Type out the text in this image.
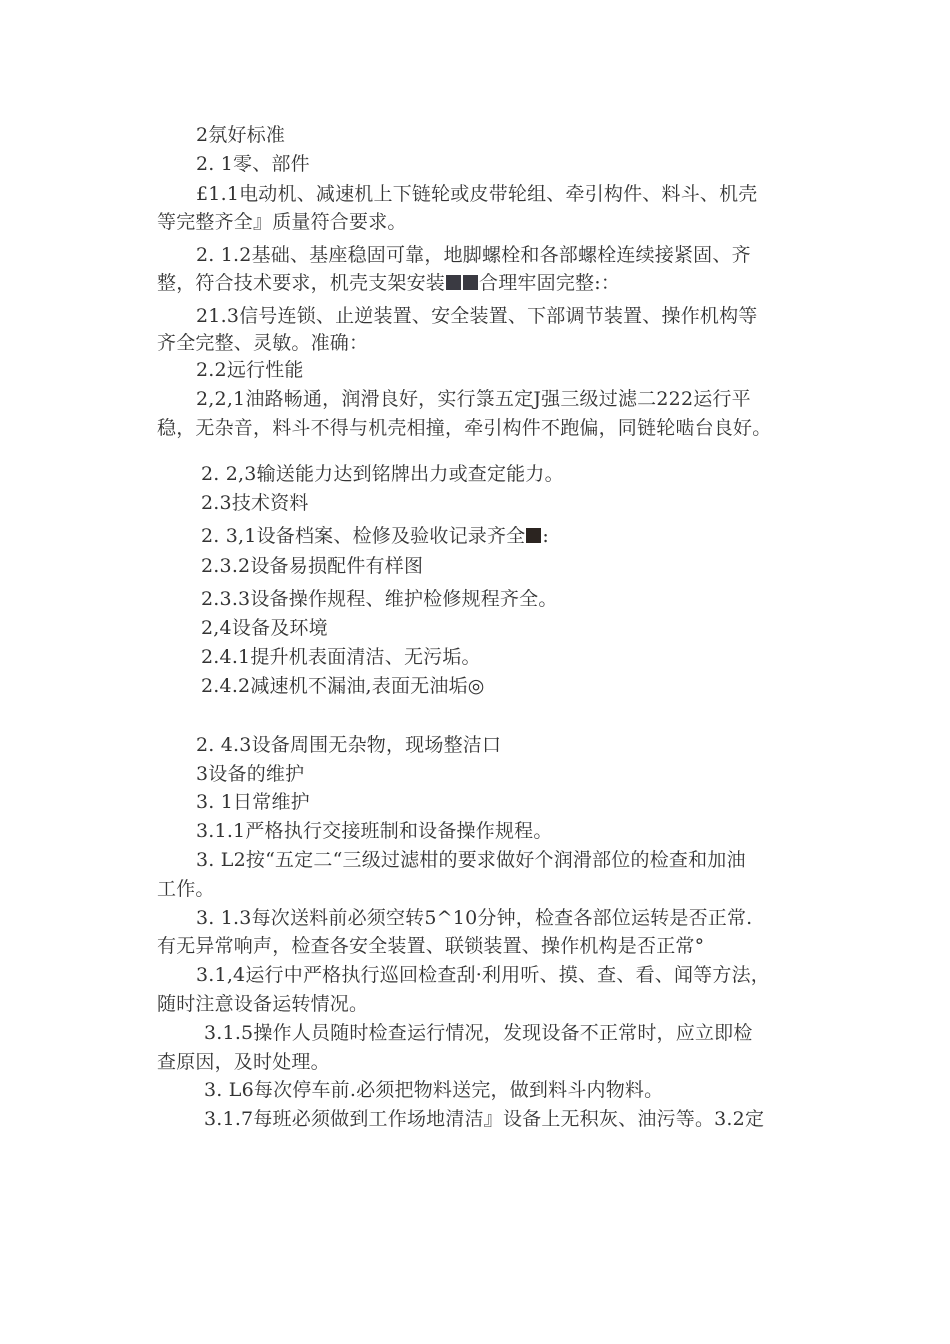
2氛好标准
2. 1零、部件
£1.1电动机、减速机上下链轮或皮带轮组、牵引构件、料斗、机壳
等完整齐全』质量符合要求。
2. 1.2基础、基座稳固可靠，地脚螺栓和各部螺栓连续接紧固、齐
整，符合技术要求，机壳支架安装 合理牢固完整:：
21.3信号连锁、止逆装置、安全装置、下部调节装置、操作机构等
齐全完整、灵敏。准确：
2.2远行性能
2,2,1油路畅通，润滑良好，实行箓五定J强三级过滤二222运行平
稳，无杂音，料斗不得与机壳相撞，牵引构件不跑偏，同链轮啮台良好。
2. 2,3输送能力达到铭牌出力或查定能力。
2.3技术资料
2. 3,1设备档案、检修及验收记录齐全 :
2.3.2设备易损配件有样图
2.3.3设备操作规程、维护检修规程齐全。
2,4设备及环境
2.4.1提升机表面清洁、无污垢。
2.4.2减速机不漏油,表面无油垢◎
2. 4.3设备周围无杂物，现场整洁口
3设备的维护
3. 1日常维护
3.1.1严格执行交接班制和设备操作规程。
3. L2按“五定二“三级过滤柑的要求做好个润滑部位的检查和加油
工作。
3. 1.3每次送料前必须空转5^10分钟，检查各部位运转是否正常.
有无异常响声，检查各安全装置、联锁装置、操作机构是否正常°
3.1,4运行中严格执行巡回检查刮·利用听、摸、查、看、闻等方法，
随时注意设备运转情况。
3.1.5操作人员随时检查运行情况，发现设备不正常时，应立即检
查原因，及时处理。
3. L6每次停车前.必须把物料送完，做到料斗内物料。
3.1.7每班必须做到工作场地清洁』设备上无积灰、油污等。3.2定
